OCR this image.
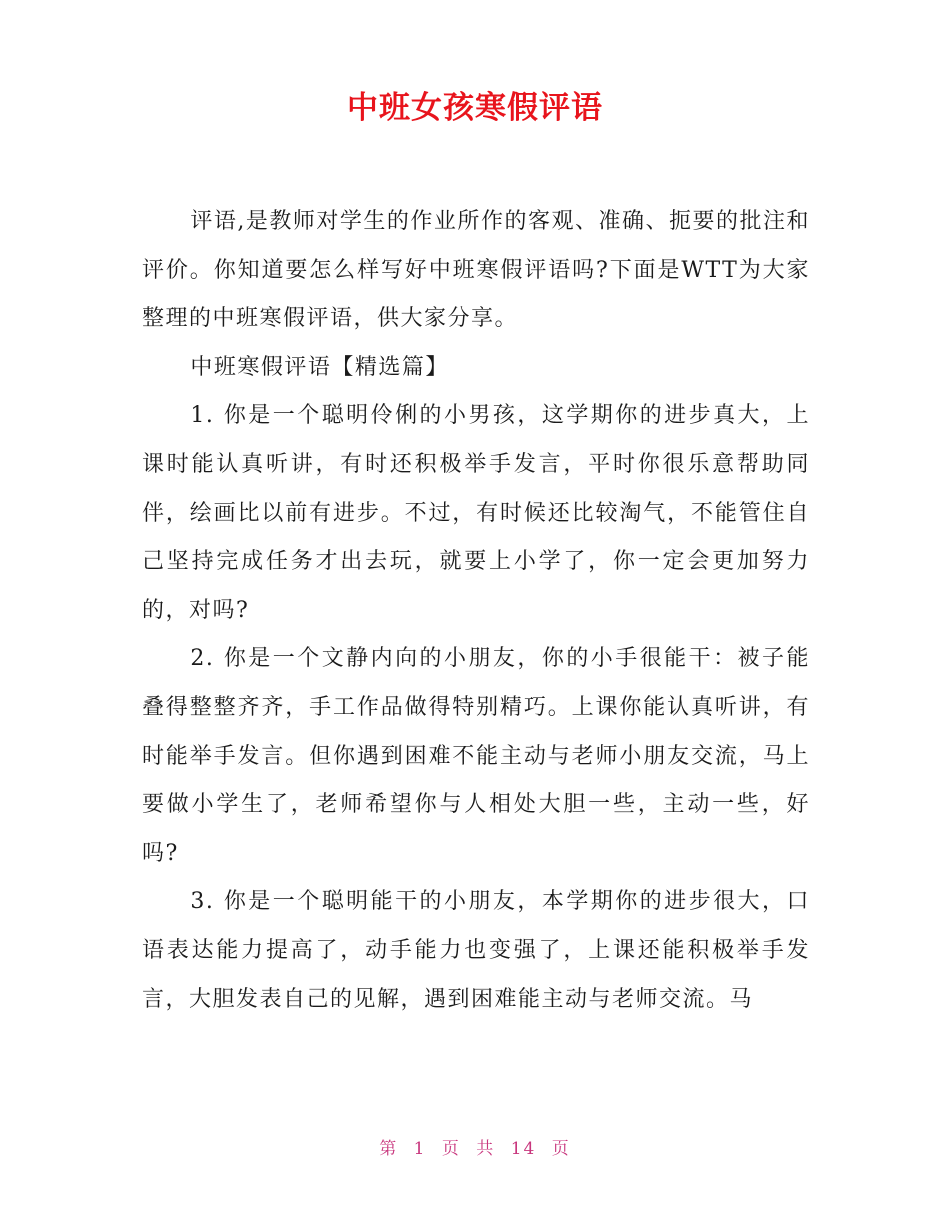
中班女孩寒假评语

评语,是教师对学生的作业所作的客观、准确、扼要的批注和评价。你知道要怎么样写好中班寒假评语吗?下面是WTT为大家整理的中班寒假评语，供大家分享。

中班寒假评语【精选篇】

1. 你是一个聪明伶俐的小男孩，这学期你的进步真大，上课时能认真听讲，有时还积极举手发言，平时你很乐意帮助同伴，绘画比以前有进步。不过，有时候还比较淘气，不能管住自己坚持完成任务才出去玩，就要上小学了，你一定会更加努力的，对吗?

2. 你是一个文静内向的小朋友，你的小手很能干：被子能叠得整整齐齐，手工作品做得特别精巧。上课你能认真听讲，有时能举手发言。但你遇到困难不能主动与老师小朋友交流，马上要做小学生了，老师希望你与人相处大胆一些，主动一些，好吗?

3. 你是一个聪明能干的小朋友，本学期你的进步很大，口语表达能力提高了，动手能力也变强了，上课还能积极举手发言，大胆发表自己的见解，遇到困难能主动与老师交流。马

第 1 页 共 14 页
